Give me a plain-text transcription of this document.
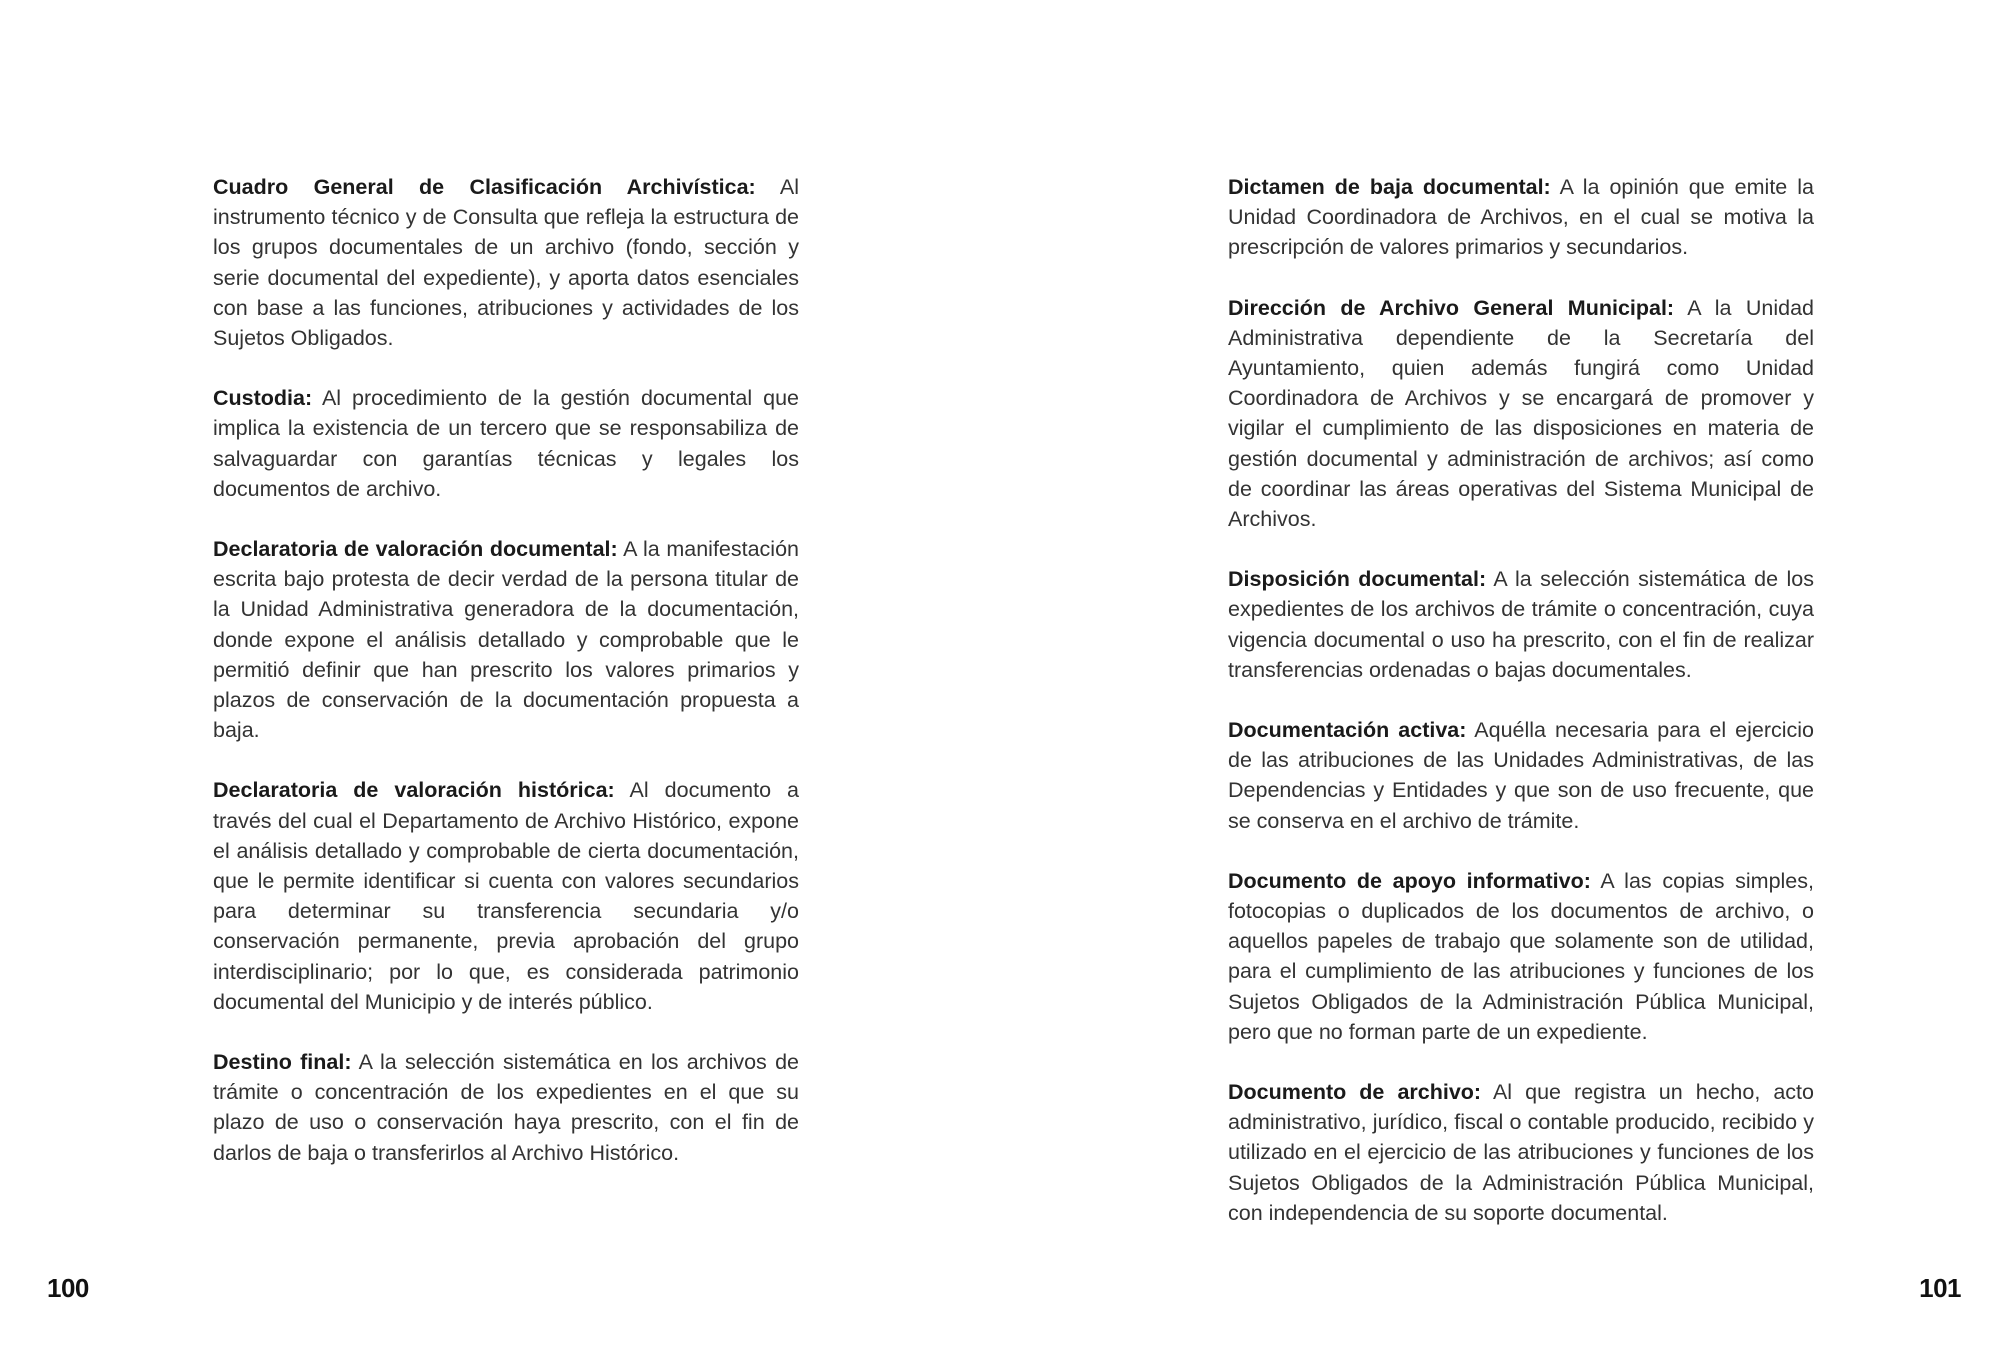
Cuadro General de Clasificación Archivística: Al instrumento técnico y de Consulta que refleja la estructura de los grupos documentales de un archivo (fondo, sección y serie documental del expediente), y aporta datos esenciales con base a las funciones, atribuciones y actividades de los Sujetos Obligados.

Custodia: Al procedimiento de la gestión documental que implica la existencia de un tercero que se responsabiliza de salvaguardar con garantías técnicas y legales los documentos de archivo.

Declaratoria de valoración documental: A la manifestación escrita bajo protesta de decir verdad de la persona titular de la Unidad Administrativa generadora de la documentación, donde expone el análisis detallado y comprobable que le permitió definir que han prescrito los valores primarios y plazos de conservación de la documentación propuesta a baja.

Declaratoria de valoración histórica: Al documento a través del cual el Departamento de Archivo Histórico, expone el análisis detallado y comprobable de cierta documentación, que le permite identificar si cuenta con valores secundarios para determinar su transferencia secundaria y/o conservación permanente, previa aprobación del grupo interdisciplinario; por lo que, es considerada patrimonio documental del Municipio y de interés público.

Destino final: A la selección sistemática en los archivos de trámite o concentración de los expedientes en el que su plazo de uso o conservación haya prescrito, con el fin de darlos de baja o transferirlos al Archivo Histórico.

100

Dictamen de baja documental: A la opinión que emite la Unidad Coordinadora de Archivos, en el cual se motiva la prescripción de valores primarios y secundarios.

Dirección de Archivo General Municipal: A la Unidad Administrativa dependiente de la Secretaría del Ayuntamiento, quien además fungirá como Unidad Coordinadora de Archivos y se encargará de promover y vigilar el cumplimiento de las disposiciones en materia de gestión documental y administración de archivos; así como de coordinar las áreas operativas del Sistema Municipal de Archivos.

Disposición documental: A la selección sistemática de los expedientes de los archivos de trámite o concentración, cuya vigencia documental o uso ha prescrito, con el fin de realizar transferencias ordenadas o bajas documentales.

Documentación activa: Aquélla necesaria para el ejercicio de las atribuciones de las Unidades Administrativas, de las Dependencias y Entidades y que son de uso frecuente, que se conserva en el archivo de trámite.

Documento de apoyo informativo: A las copias simples, fotocopias o duplicados de los documentos de archivo, o aquellos papeles de trabajo que solamente son de utilidad, para el cumplimiento de las atribuciones y funciones de los Sujetos Obligados de la Administración Pública Municipal, pero que no forman parte de un expediente.

Documento de archivo: Al que registra un hecho, acto administrativo, jurídico, fiscal o contable producido, recibido y utilizado en el ejercicio de las atribuciones y funciones de los Sujetos Obligados de la Administración Pública Municipal, con independencia de su soporte documental.

101
